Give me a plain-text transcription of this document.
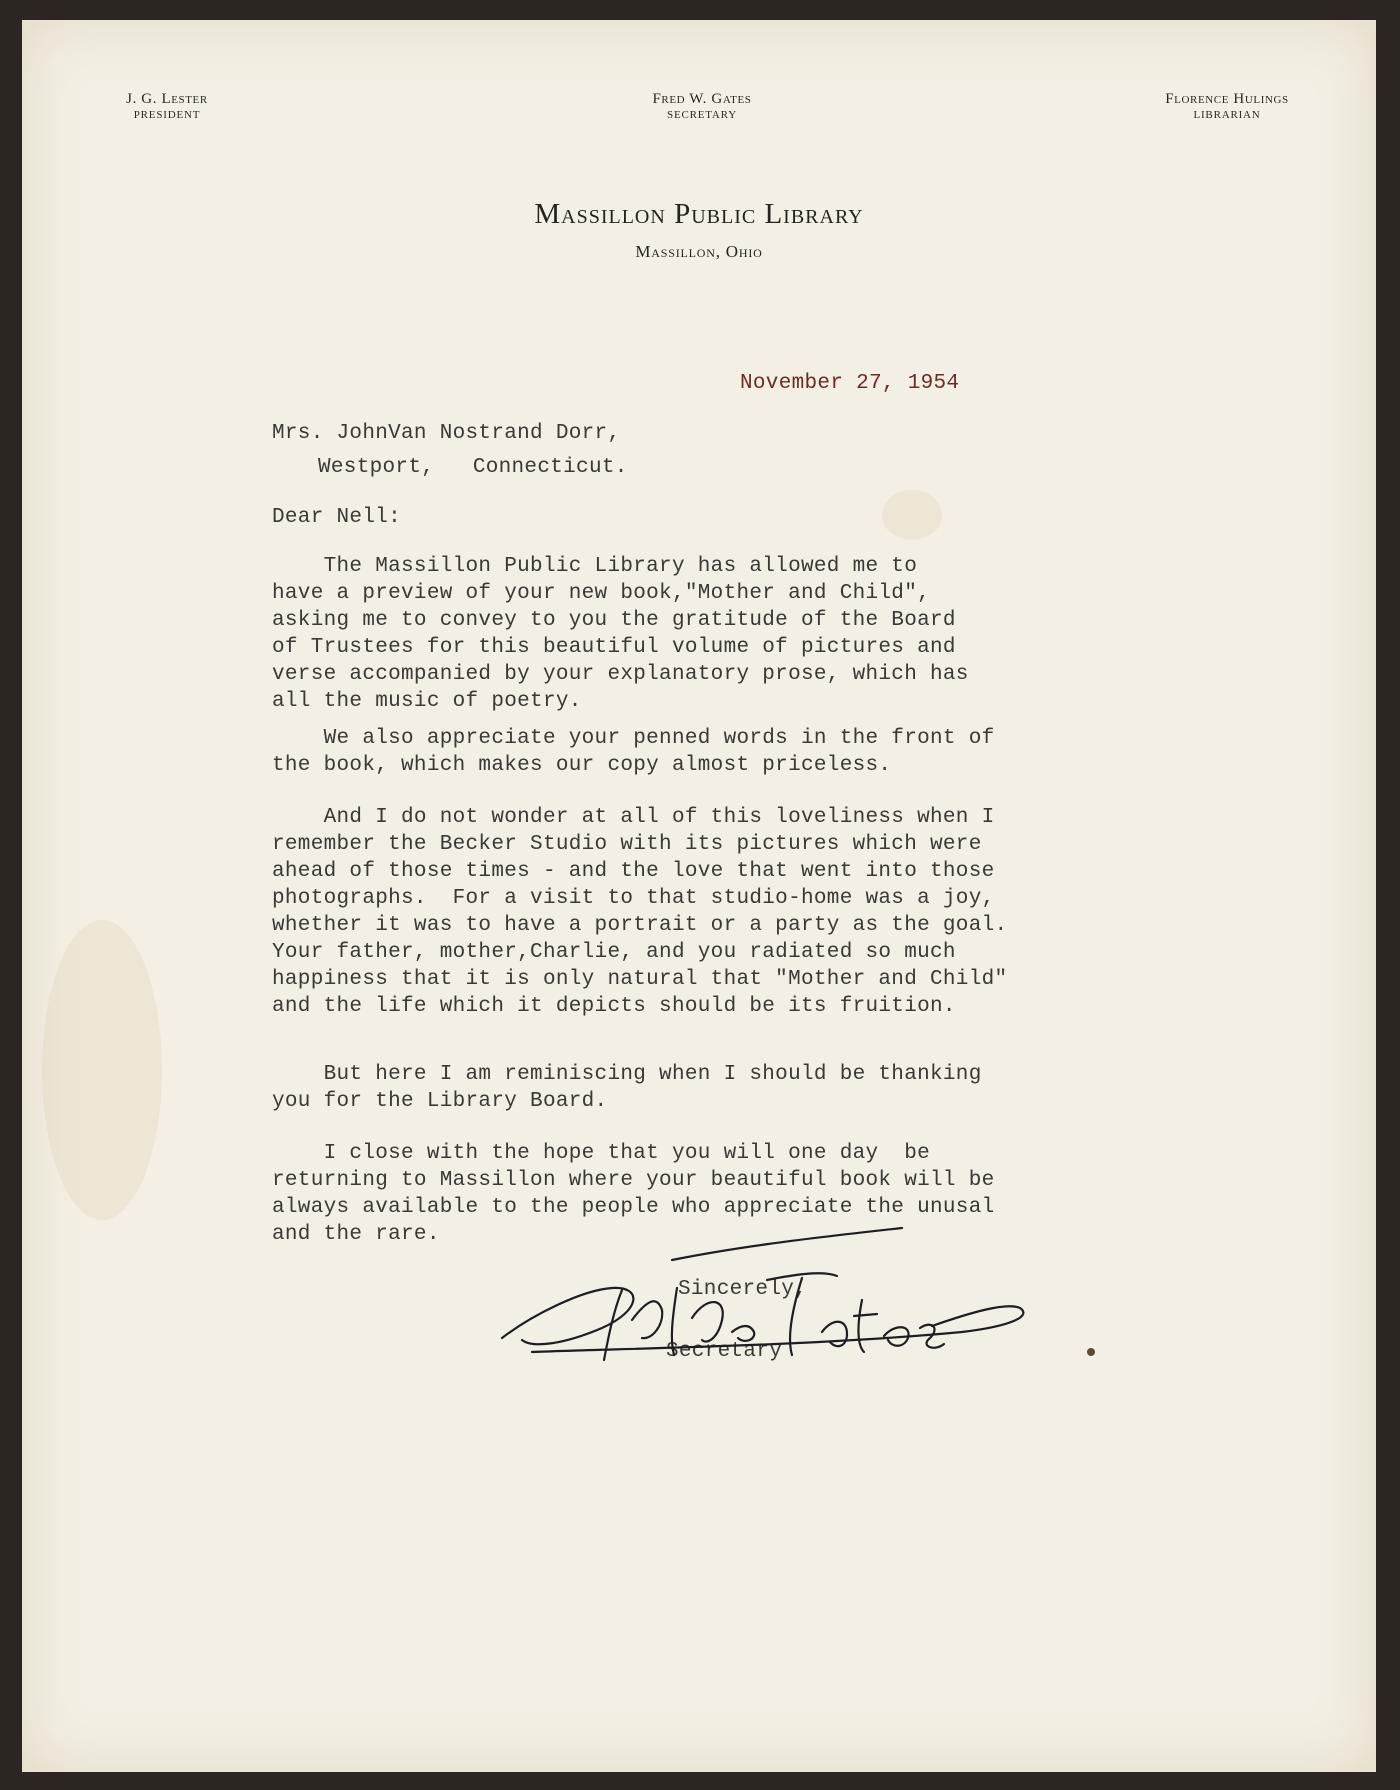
J. G. Lester
PRESIDENT
Fred W. Gates
SECRETARY
Florence Hulings
LIBRARIAN
Massillon Public Library
Massillon, Ohio
November 27, 1954
Mrs. JohnVan Nostrand Dorr,
Westport,   Connecticut.
Dear Nell:
The Massillon Public Library has allowed me to
have a preview of your new book,"Mother and Child",
asking me to convey to you the gratitude of the Board
of Trustees for this beautiful volume of pictures and
verse accompanied by your explanatory prose, which has
all the music of poetry.
We also appreciate your penned words in the front of
the book, which makes our copy almost priceless.
And I do not wonder at all of this loveliness when I
remember the Becker Studio with its pictures which were
ahead of those times - and the love that went into those
photographs.  For a visit to that studio-home was a joy,
whether it was to have a portrait or a party as the goal.
Your father, mother,Charlie, and you radiated so much
happiness that it is only natural that "Mother and Child"
and the life which it depicts should be its fruition.
But here I am reminiscing when I should be thanking
you for the Library Board.
I close with the hope that you will one day  be
returning to Massillon where your beautiful book will be
always available to the people who appreciate the unusal
and the rare.
Sincerely,
Secretary
